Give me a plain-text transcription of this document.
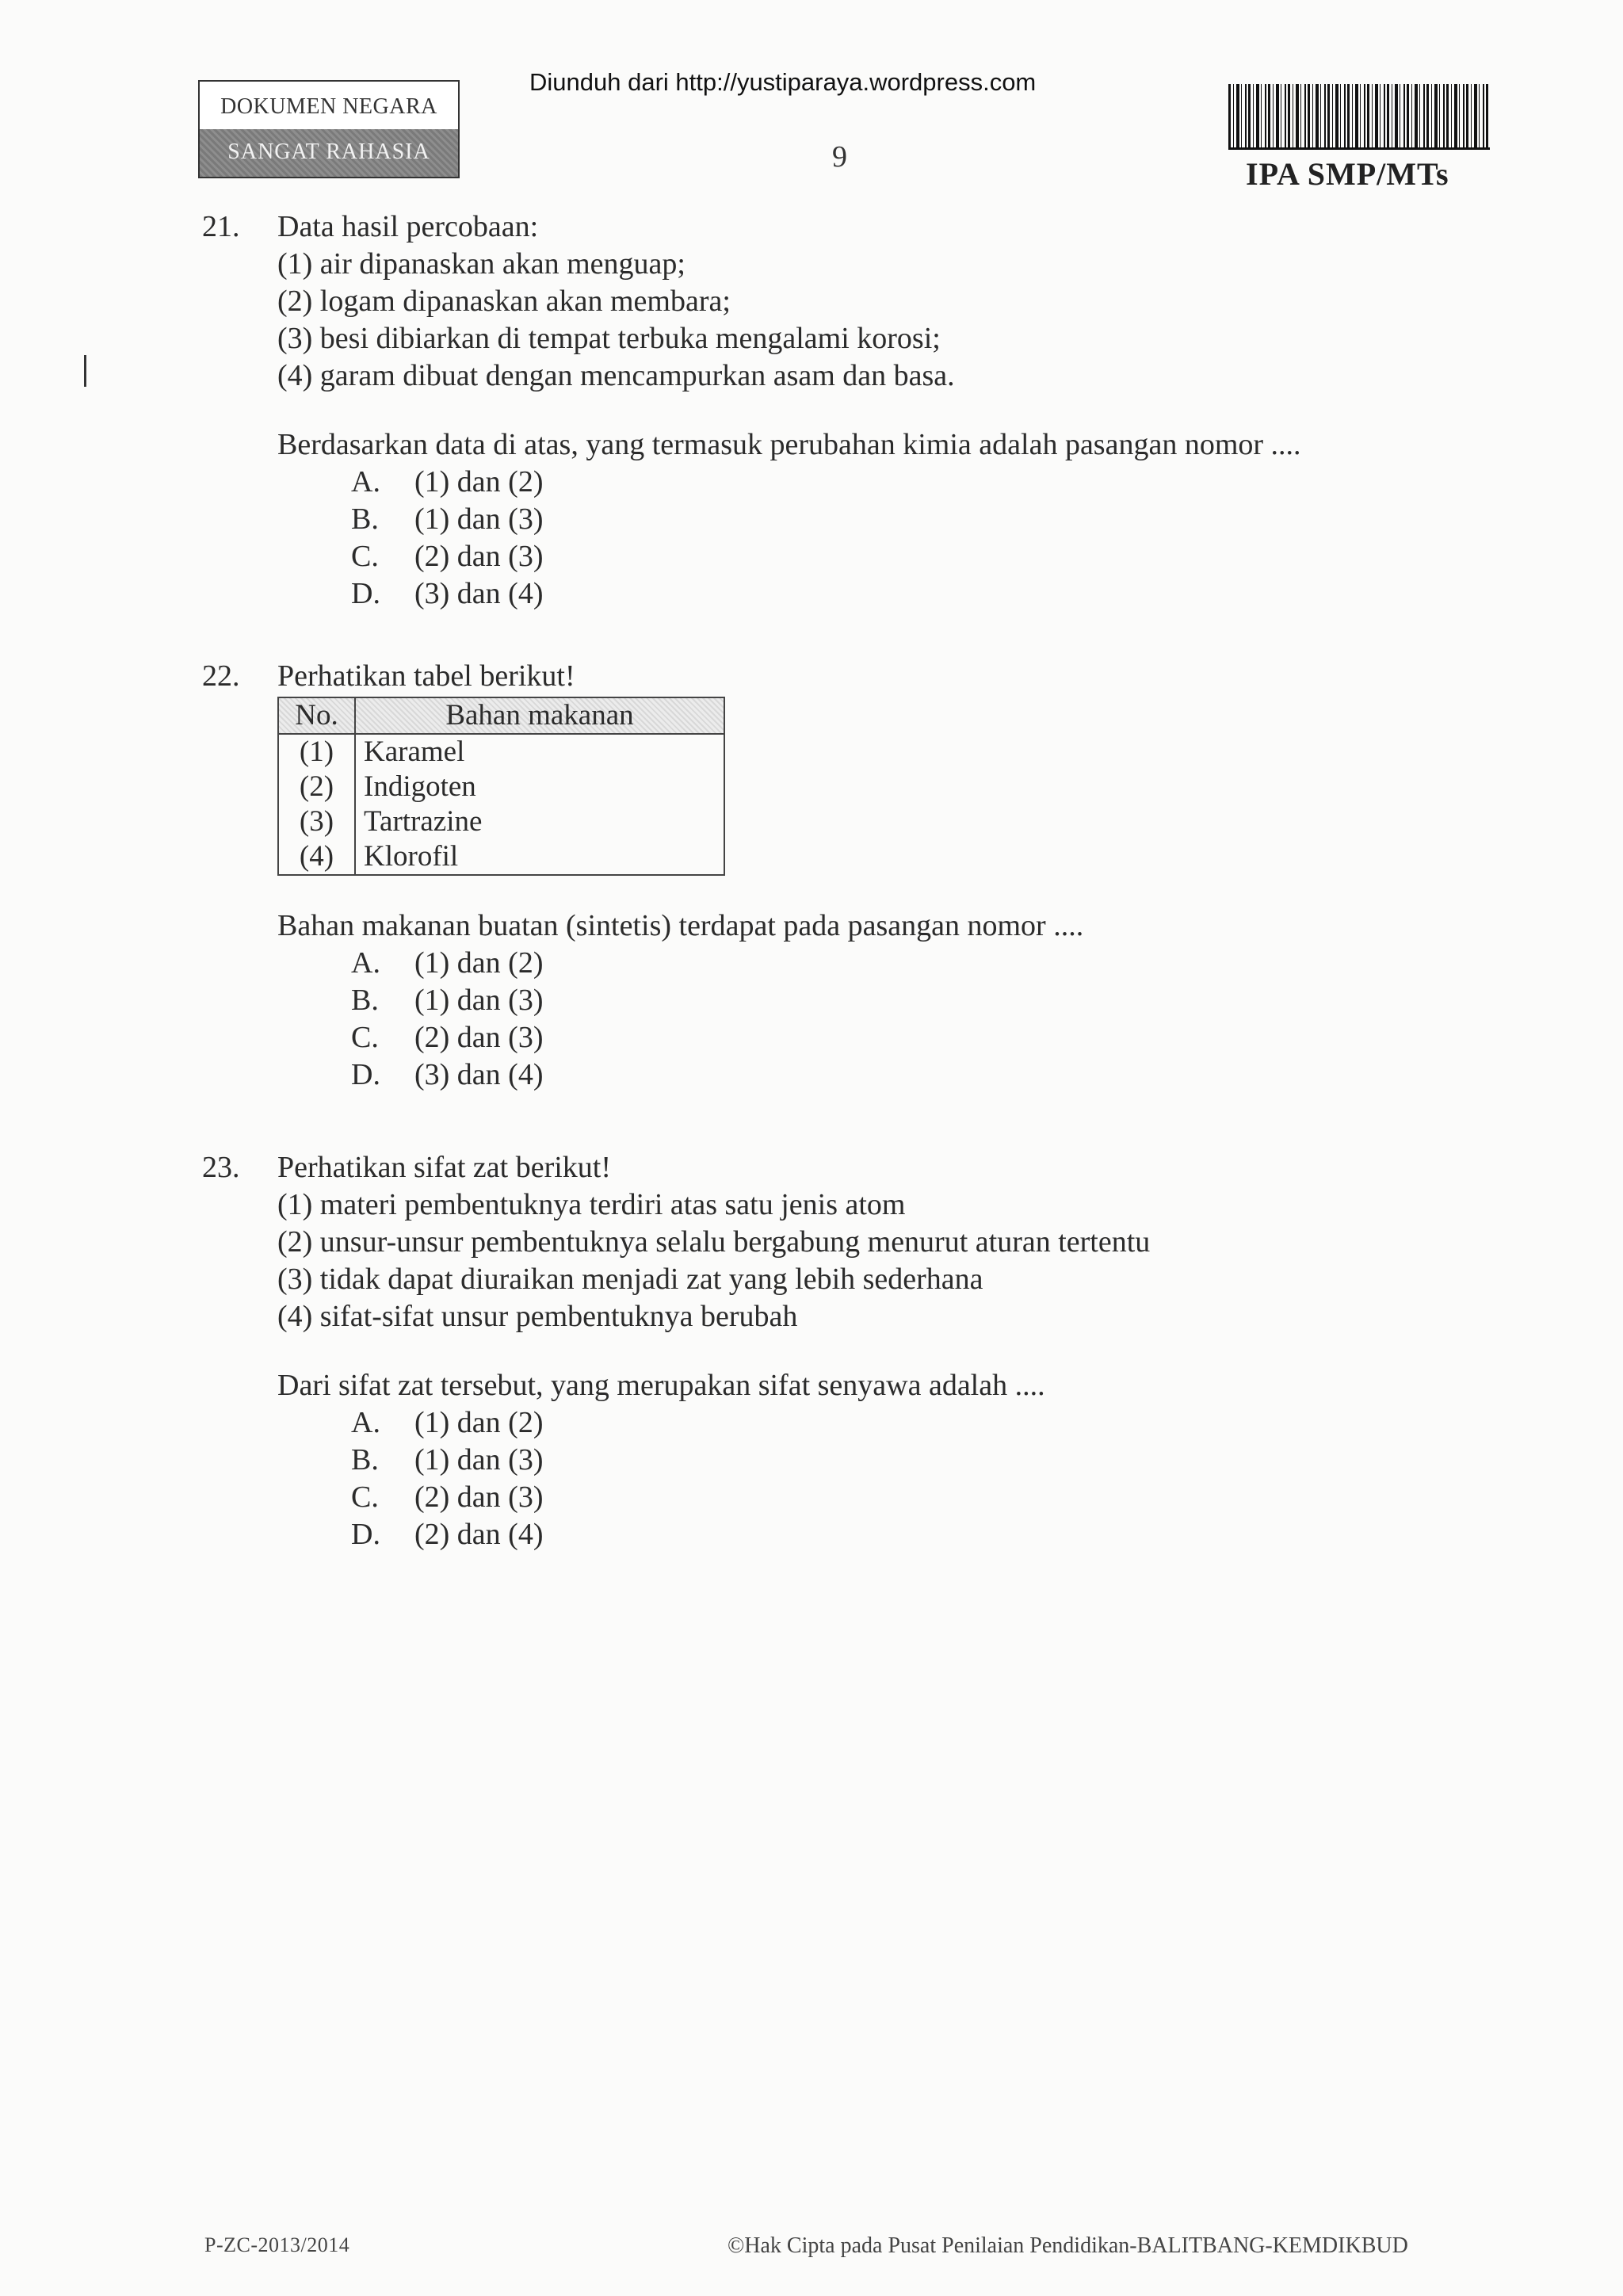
DOKUMEN NEGARA
SANGAT RAHASIA
Diunduh dari http://yustiparaya.wordpress.com
9	IPA SMP/MTs
21. Data hasil percobaan:
(1) air dipanaskan akan menguap;
(2) logam dipanaskan akan membara;
(3) besi dibiarkan di tempat terbuka mengalami korosi;
(4) garam dibuat dengan mencampurkan asam dan basa.
Berdasarkan data di atas, yang termasuk perubahan kimia adalah pasangan nomor ....
A. (1) dan (2)
B. (1) dan (3)
C. (2) dan (3)
D. (3) dan (4)
22. Perhatikan tabel berikut!
No.	Bahan makanan
(1)	Karamel
(2)	Indigoten
(3)	Tartrazine
(4)	Klorofil
Bahan makanan buatan (sintetis) terdapat pada pasangan nomor ....
A. (1) dan (2)
B. (1) dan (3)
C. (2) dan (3)
D. (3) dan (4)
23. Perhatikan sifat zat berikut!
(1) materi pembentuknya terdiri atas satu jenis atom
(2) unsur-unsur pembentuknya selalu bergabung menurut aturan tertentu
(3) tidak dapat diuraikan menjadi zat yang lebih sederhana
(4) sifat-sifat unsur pembentuknya berubah
Dari sifat zat tersebut, yang merupakan sifat senyawa adalah ....
A. (1) dan (2)
B. (1) dan (3)
C. (2) dan (3)
D. (2) dan (4)
P-ZC-2013/2014	©Hak Cipta pada Pusat Penilaian Pendidikan-BALITBANG-KEMDIKBUD
